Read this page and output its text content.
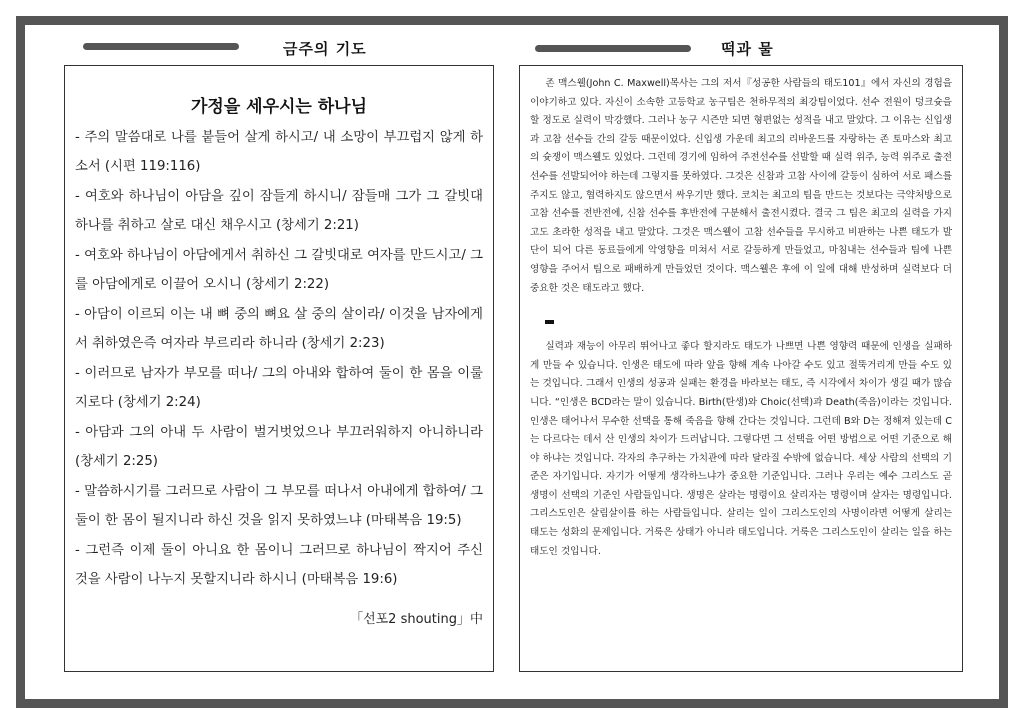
금주의 기도	떡과 물
가정을 세우시는 하나님

- 주의 말씀대로 나를 붙들어 살게 하시고/ 내 소망이 부끄럽지 않게 하소서 (시편 119:116)

- 여호와 하나님이 아담을 깊이 잠들게 하시니/ 잠들매 그가 그 갈빗대 하나를 취하고 살로 대신 채우시고 (창세기 2:21)

- 여호와 하나님이 아담에게서 취하신 그 갈빗대로 여자를 만드시고/ 그를 아담에게로 이끌어 오시니 (창세기 2:22)

- 아담이 이르되 이는 내 뼈 중의 뼈요 살 중의 살이라/ 이것을 남자에게서 취하였은즉 여자라 부르리라 하니라 (창세기 2:23)

- 이러므로 남자가 부모를 떠나/ 그의 아내와 합하여 둘이 한 몸을 이룰지로다 (창세기 2:24)

- 아담과 그의 아내 두 사람이 벌거벗었으나 부끄러워하지 아니하니라 (창세기 2:25)

- 말씀하시기를 그러므로 사람이 그 부모를 떠나서 아내에게 합하여/ 그 둘이 한 몸이 될지니라 하신 것을 읽지 못하였느냐 (마태복음 19:5)

- 그런즉 이제 둘이 아니요 한 몸이니 그러므로 하나님이 짝지어 주신 것을 사람이 나누지 못할지니라 하시니 (마태복음 19:6)

「선포2 shouting」中

존 맥스웰(John C. Maxwell)목사는 그의 저서『성공한 사람들의 태도101』에서 자신의 경험을 이야기하고 있다. 자신이 소속한 고등학교 농구팀은 천하무적의 최강팀이었다. 선수 전원이 덩크슛을 할 정도로 실력이 막강했다. 그러나 농구 시즌만 되면 형편없는 성적을 내고 말았다. 그 이유는 신입생과 고참 선수들 간의 갈등 때문이었다. 신입생 가운데 최고의 리바운드를 자랑하는 존 토마스와 최고의 슛쟁이 맥스웰도 있었다. 그런데 경기에 임하여 주전선수를 선발할 때 실력 위주, 능력 위주로 출전선수를 선발되어야 하는데 그렇지를 못하였다. 그것은 신참과 고참 사이에 갈등이 심하여 서로 패스를 주지도 않고, 협력하지도 않으면서 싸우기만 했다. 코치는 최고의 팀을 만드는 것보다는 극약처방으로 고참 선수를 전반전에, 신참 선수를 후반전에 구분해서 출전시켰다. 결국 그 팀은 최고의 실력을 가지고도 초라한 성적을 내고 말았다. 그것은 맥스웰이 고참 선수들을 무시하고 비판하는 나쁜 태도가 발단이 되어 다른 동료들에게 악영향을 미쳐서 서로 갈등하게 만들었고, 마침내는 선수들과 팀에 나쁜 영향을 주어서 팀으로 패배하게 만들었던 것이다. 맥스웰은 후에 이 일에 대해 반성하며 실력보다 더 중요한 것은 태도라고 했다.

실력과 재능이 아무리 뛰어나고 좋다 할지라도 태도가 나쁘면 나쁜 영향력 때문에 인생을 실패하게 만들 수 있습니다. 인생은 태도에 따라 앞을 향해 계속 나아갈 수도 있고 절뚝거리게 만들 수도 있는 것입니다. 그래서 인생의 성공과 실패는 환경을 바라보는 태도, 즉 시각에서 차이가 생길 때가 많습니다. “인생은 BCD라는 말이 있습니다. Birth(탄생)와 Choic(선택)과 Death(죽음)이라는 것입니다. 인생은 태어나서 무수한 선택을 통해 죽음을 향해 간다는 것입니다. 그런데 B와 D는 정해져 있는데 C는 다르다는 데서 산 인생의 차이가 드러납니다. 그렇다면 그 선택을 어떤 방법으로 어떤 기준으로 해야 하냐는 것입니다. 각자의 추구하는 가치관에 따라 달라질 수밖에 없습니다. 세상 사람의 선택의 기준은 자기입니다. 자기가 어떻게 생각하느냐가 중요한 기준입니다. 그러나 우리는 예수 그리스도 곧 생명이 선택의 기준인 사람들입니다. 생명은 살라는 명령이요 살리자는 명령이며 살자는 명령입니다. 그리스도인은 살림살이를 하는 사람들입니다. 살리는 일이 그리스도인의 사명이라면 어떻게 살리는 태도는 성화의 문제입니다. 거룩은 상태가 아니라 태도입니다. 거룩은 그리스도인이 살리는 일을 하는 태도인 것입니다.
